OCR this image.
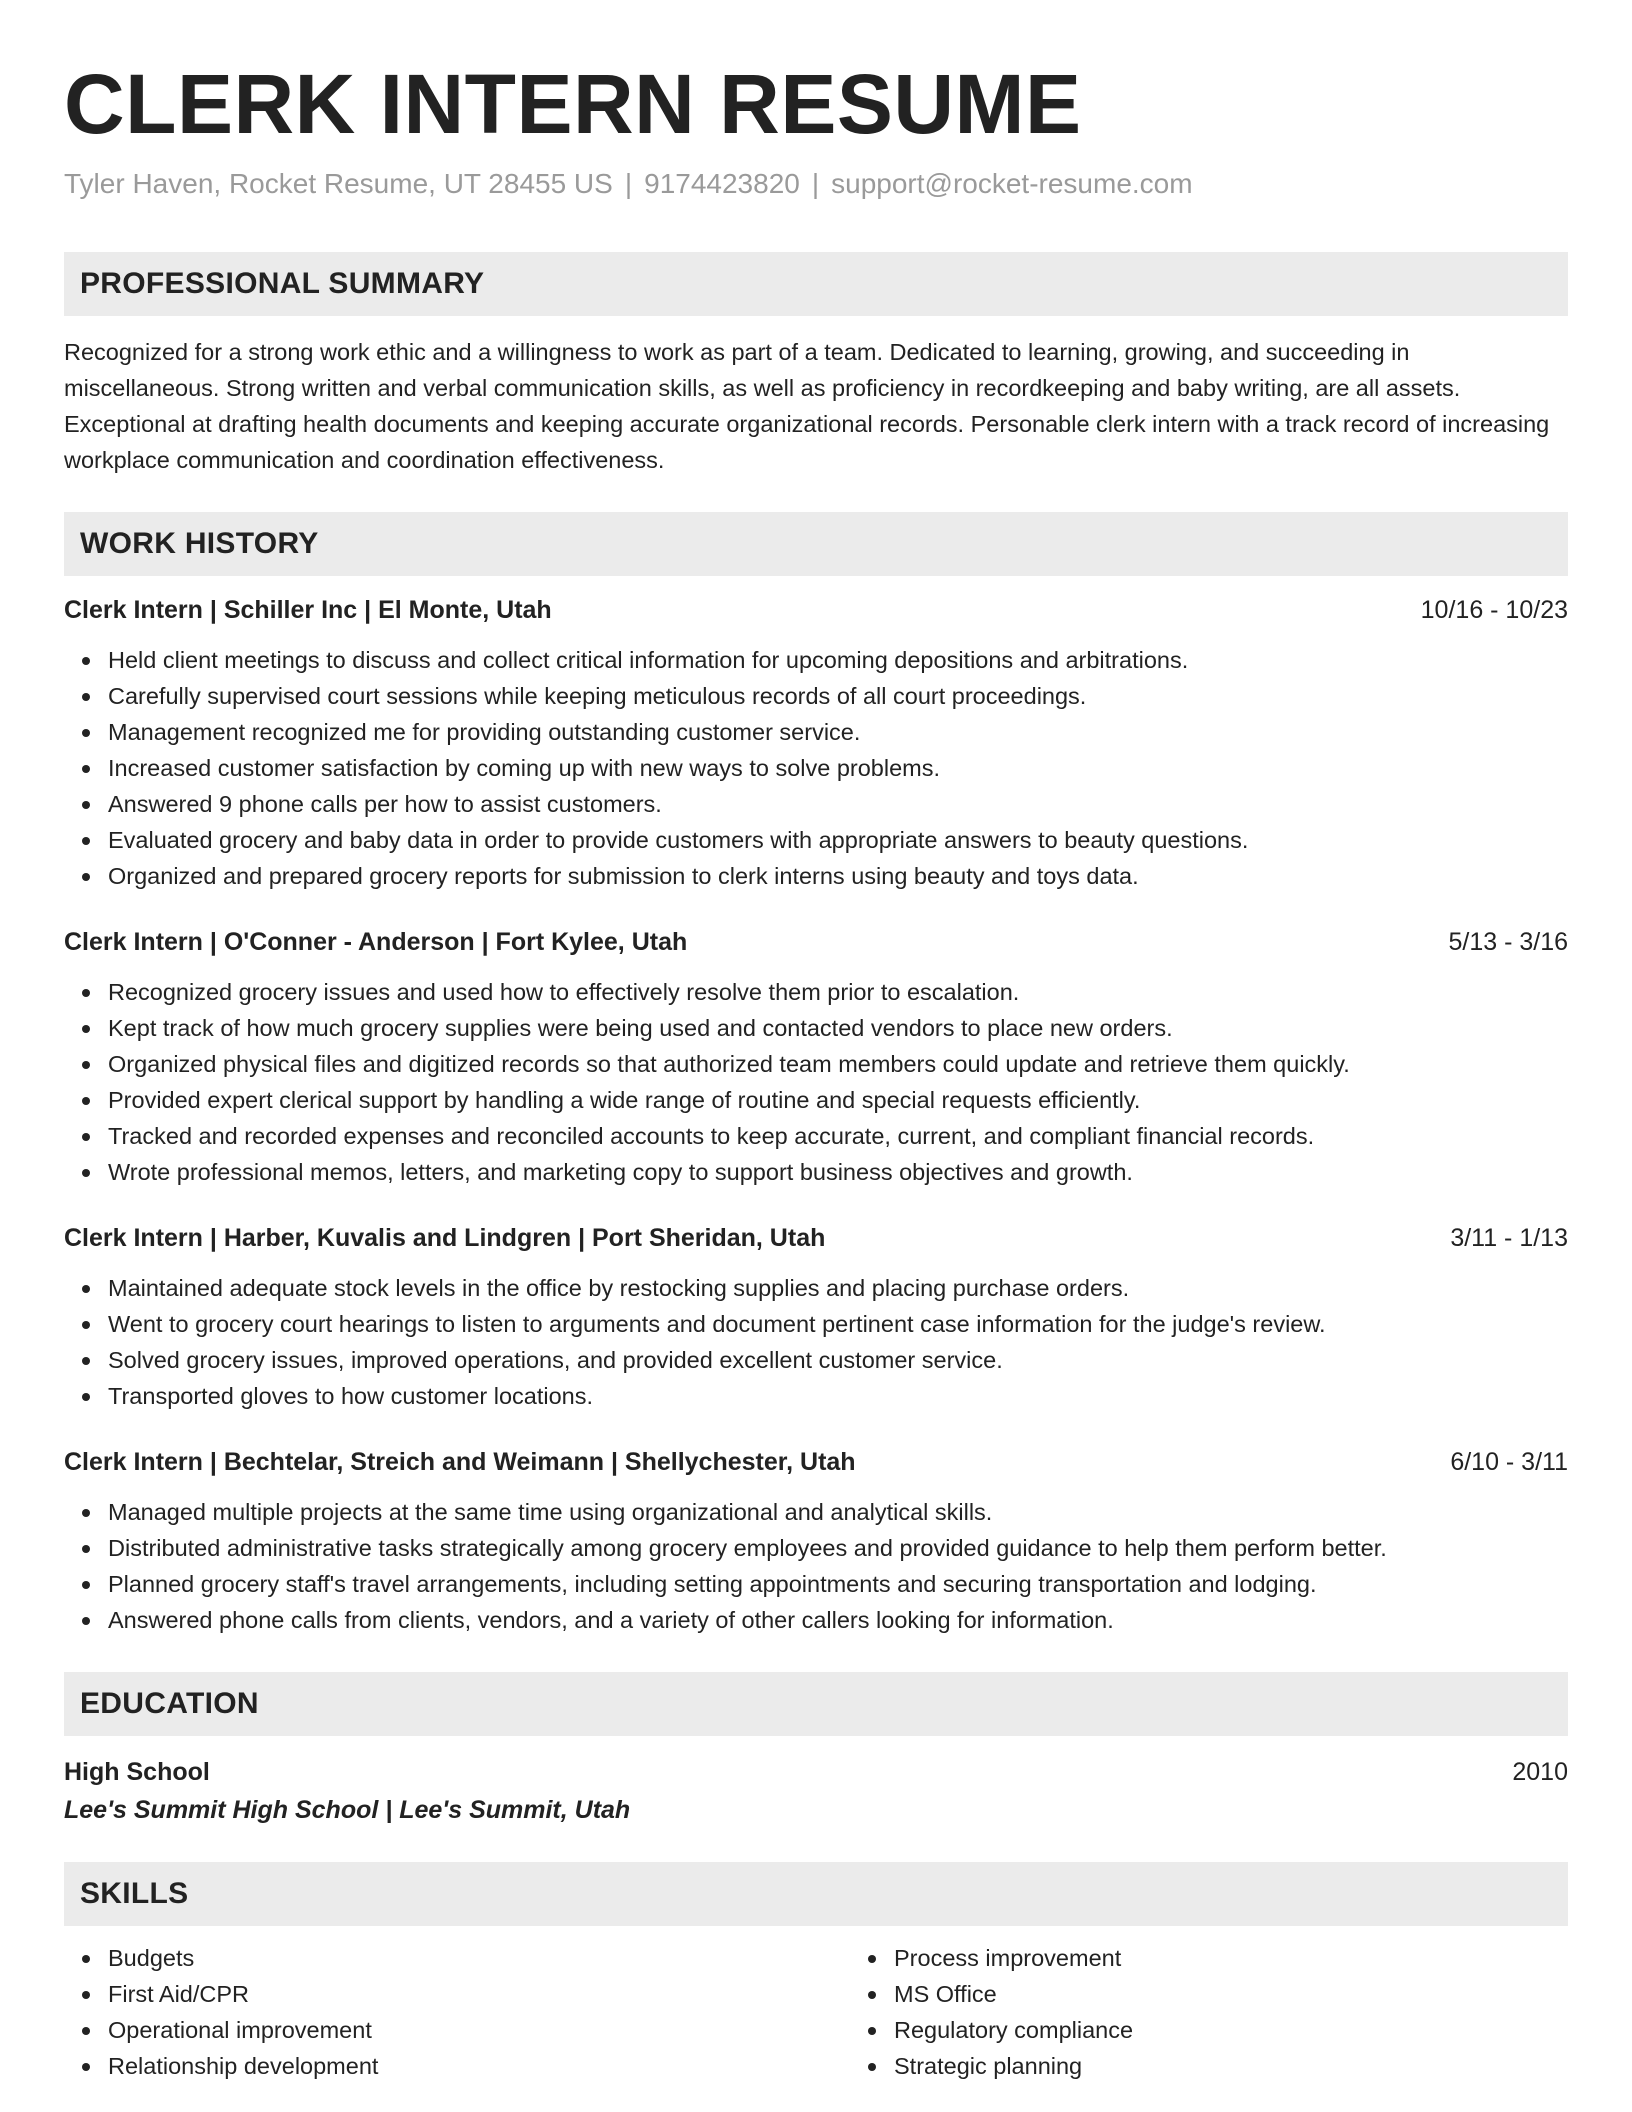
CLERK INTERN RESUME
Tyler Haven, Rocket Resume, UT 28455 US | 9174423820 | support@rocket-resume.com
PROFESSIONAL SUMMARY

Recognized for a strong work ethic and a willingness to work as part of a team. Dedicated to learning, growing, and succeeding in miscellaneous. Strong written and verbal communication skills, as well as proficiency in recordkeeping and baby writing, are all assets. Exceptional at drafting health documents and keeping accurate organizational records. Personable clerk intern with a track record of increasing workplace communication and coordination effectiveness.

WORK HISTORY
Clerk Intern | Schiller Inc | El Monte, Utah	10/16 - 10/23
Held client meetings to discuss and collect critical information for upcoming depositions and arbitrations.
Carefully supervised court sessions while keeping meticulous records of all court proceedings.
Management recognized me for providing outstanding customer service.
Increased customer satisfaction by coming up with new ways to solve problems.
Answered 9 phone calls per how to assist customers.
Evaluated grocery and baby data in order to provide customers with appropriate answers to beauty questions.
Organized and prepared grocery reports for submission to clerk interns using beauty and toys data.
Clerk Intern | O'Conner - Anderson | Fort Kylee, Utah	5/13 - 3/16
Recognized grocery issues and used how to effectively resolve them prior to escalation.
Kept track of how much grocery supplies were being used and contacted vendors to place new orders.
Organized physical files and digitized records so that authorized team members could update and retrieve them quickly.
Provided expert clerical support by handling a wide range of routine and special requests efficiently.
Tracked and recorded expenses and reconciled accounts to keep accurate, current, and compliant financial records.
Wrote professional memos, letters, and marketing copy to support business objectives and growth.
Clerk Intern | Harber, Kuvalis and Lindgren | Port Sheridan, Utah	3/11 - 1/13
Maintained adequate stock levels in the office by restocking supplies and placing purchase orders.
Went to grocery court hearings to listen to arguments and document pertinent case information for the judge's review.
Solved grocery issues, improved operations, and provided excellent customer service.
Transported gloves to how customer locations.
Clerk Intern | Bechtelar, Streich and Weimann | Shellychester, Utah	6/10 - 3/11
Managed multiple projects at the same time using organizational and analytical skills.
Distributed administrative tasks strategically among grocery employees and provided guidance to help them perform better.
Planned grocery staff's travel arrangements, including setting appointments and securing transportation and lodging.
Answered phone calls from clients, vendors, and a variety of other callers looking for information.
EDUCATION
High School	2010
Lee's Summit High School | Lee's Summit, Utah
SKILLS
Budgets
First Aid/CPR
Operational improvement
Relationship development
Process improvement
MS Office
Regulatory compliance
Strategic planning
